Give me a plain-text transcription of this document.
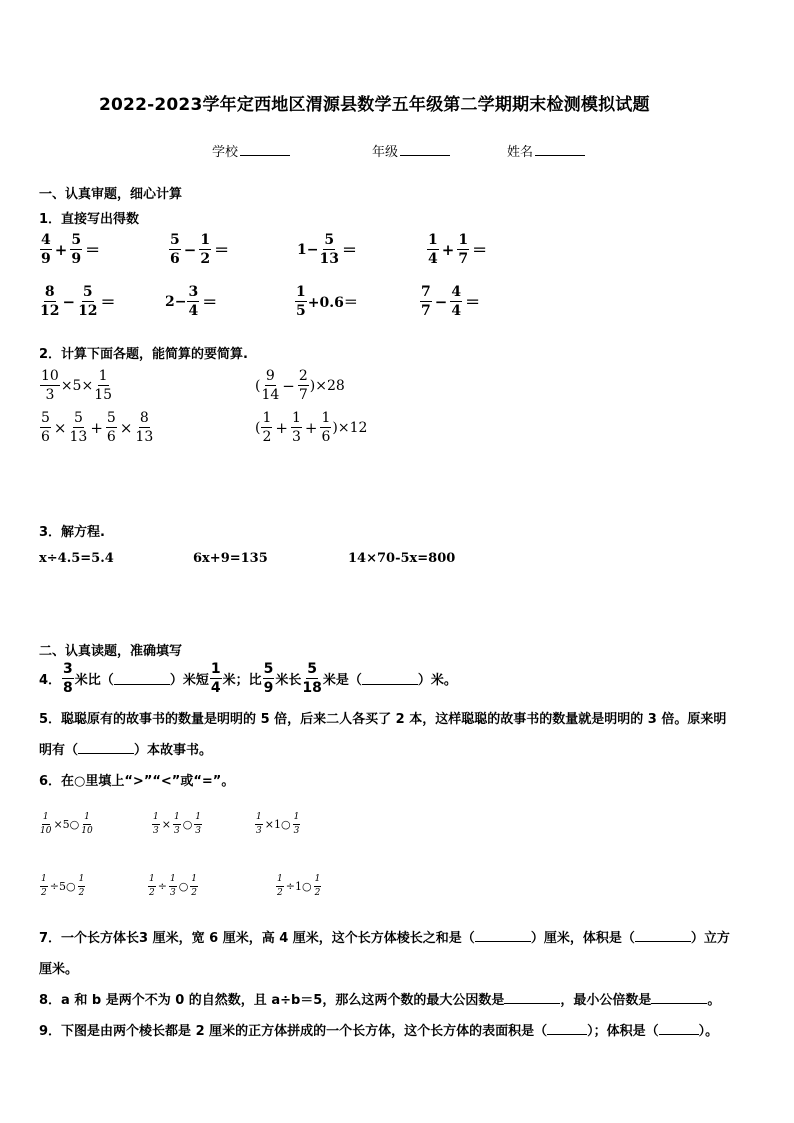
2022-2023学年定西地区渭源县数学五年级第二学期期末检测模拟试题
学校	年级	姓名
一、认真审题，细心计算
1．直接写出得数
$\frac{4}{9} + \frac{5}{9}$ ＝	$\frac{5}{6} - \frac{1}{2}$ ＝	$1- \frac{5}{13}$ ＝	$\frac{1}{4} + \frac{1}{7}$ ＝
$\frac{8}{12} - \frac{5}{12}$ ＝	$2- \frac{3}{4}$ ＝	$\frac{1}{5} +0.6=$	$\frac{7}{7} - \frac{4}{4}$ ＝
2．计算下面各题，能简算的要简算.
$\frac{10}{3} \times 5\times \frac{1}{15}$	( $\frac{9}{14} - \frac{2}{7} )\times 28$
$\frac{5}{6} \times \frac{5}{13} + \frac{5}{6} \times \frac{8}{13}$	( $\frac{1}{2} + \frac{1}{3} + \frac{1}{6} )\times 12$
3．解方程.
x÷4.5=5.4	6x+9=135	14×70-5x=800
二、认真读题，准确填写
4． $\frac{3}{8}$ 米比（	）米短 $\frac{1}{4}$ 米；比 $\frac{5}{9}$ 米长 $\frac{5}{18}$ 米是（	）米。
5．聪聪原有的故事书的数量是明明的 5 倍，后来二人各买了 2 本，这样聪聪的故事书的数量就是明明的 3 倍。原来明
明有（	）本故事书。
6．在○里填上“>”“<”或“=”。
$\frac{1}{10}$ ×5○ $\frac{1}{10}$	$\frac{1}{3} \times \frac{1}{3}$ ○ $\frac{1}{3}$	$\frac{1}{3}$ ×1○ $\frac{1}{3}$
$\frac{1}{2}$ ÷5○ $\frac{1}{2}$	$\frac{1}{2} \div \frac{1}{3}$ ○ $\frac{1}{2}$	$\frac{1}{2}$ ÷1○ $\frac{1}{2}$
7．一个长方体长3 厘米，宽 6 厘米，高 4 厘米，这个长方体棱长之和是（	）厘米，体积是（	）立方
厘米。
8．a 和 b 是两个不为 0 的自然数，且 a÷b＝5，那么这两个数的最大公因数是	，最小公倍数是	。
9．下图是由两个棱长都是 2 厘米的正方体拼成的一个长方体，这个长方体的表面积是（	）；体积是（	）。
